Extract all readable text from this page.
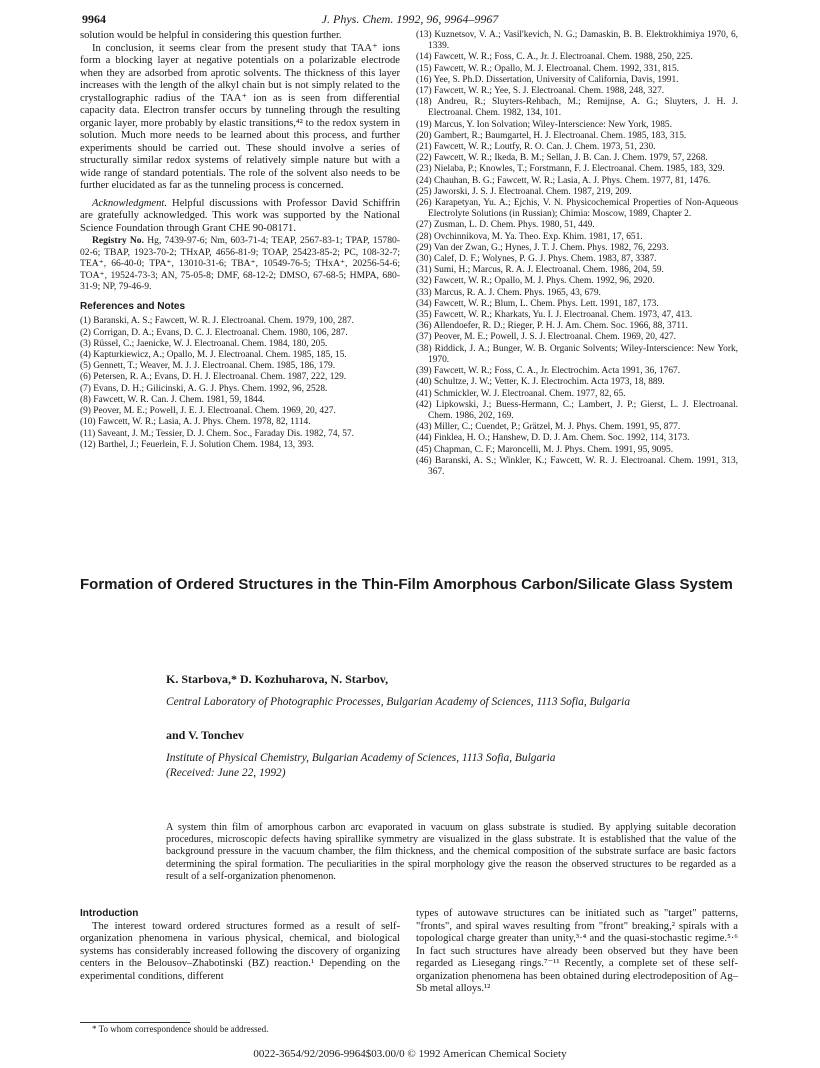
9964	J. Phys. Chem. 1992, 96, 9964–9967

solution would be helpful in considering this question further.

In conclusion, it seems clear from the present study that TAA⁺ ions form a blocking layer at negative potentials on a polarizable electrode when they are adsorbed from aprotic solvents. The thickness of this layer increases with the length of the alkyl chain but is not simply related to the crystallographic radius of the TAA⁺ ion as is seen from differential capacity data. Electron transfer occurs by tunneling through the resulting organic layer, more probably by elastic transitions,⁴² to the redox system in solution. Much more needs to be learned about this process, and further experiments should be carried out. These should involve a series of structurally similar redox systems of relatively simple nature but with a wide range of standard potentials. The role of the solvent also needs to be further elucidated as far as the tunneling process is concerned.

Acknowledgment. Helpful discussions with Professor David Schiffrin are gratefully acknowledged. This work was supported by the National Science Foundation through Grant CHE 90-08171.

Registry No. Hg, 7439-97-6; Nm, 603-71-4; TEAP, 2567-83-1; TPAP, 15780-02-6; TBAP, 1923-70-2; THxAP, 4656-81-9; TOAP, 25423-85-2; PC, 108-32-7; TEA⁺, 66-40-0; TPA⁺, 13010-31-6; TBA⁺, 10549-76-5; THxA⁺, 20256-54-6; TOA⁺, 19524-73-3; AN, 75-05-8; DMF, 68-12-2; DMSO, 67-68-5; HMPA, 680-31-9; NP, 79-46-9.

References and Notes
(1) Baranski, A. S.; Fawcett, W. R. J. Electroanal. Chem. 1979, 100, 287.
(2) Corrigan, D. A.; Evans, D. C. J. Electroanal. Chem. 1980, 106, 287.
(3) Rüssel, C.; Jaenicke, W. J. Electroanal. Chem. 1984, 180, 205.
(4) Kapturkiewicz, A.; Opallo, M. J. Electroanal. Chem. 1985, 185, 15.
(5) Gennett, T.; Weaver, M. J. J. Electroanal. Chem. 1985, 186, 179.
(6) Petersen, R. A.; Evans, D. H. J. Electroanal. Chem. 1987, 222, 129.
(7) Evans, D. H.; Gilicinski, A. G. J. Phys. Chem. 1992, 96, 2528.
(8) Fawcett, W. R. Can. J. Chem. 1981, 59, 1844.
(9) Peover, M. E.; Powell, J. E. J. Electroanal. Chem. 1969, 20, 427.
(10) Fawcett, W. R.; Lasia, A. J. Phys. Chem. 1978, 82, 1114.
(11) Saveant, J. M.; Tessier, D. J. Chem. Soc., Faraday Dis. 1982, 74, 57.
(12) Barthel, J.; Feuerlein, F. J. Solution Chem. 1984, 13, 393.
(13) Kuznetsov, V. A.; Vasil'kevich, N. G.; Damaskin, B. B. Elektrokhimiya 1970, 6, 1339.
(14) Fawcett, W. R.; Foss, C. A., Jr. J. Electroanal. Chem. 1988, 250, 225.
(15) Fawcett, W. R.; Opallo, M. J. Electroanal. Chem. 1992, 331, 815.
(16) Yee, S. Ph.D. Dissertation, University of California, Davis, 1991.
(17) Fawcett, W. R.; Yee, S. J. Electroanal. Chem. 1988, 248, 327.
(18) Andreu, R.; Sluyters-Rehbach, M.; Remijnse, A. G.; Sluyters, J. H. J. Electroanal. Chem. 1982, 134, 101.
(19) Marcus, Y. Ion Solvation; Wiley-Interscience: New York, 1985.
(20) Gambert, R.; Baumgartel, H. J. Electroanal. Chem. 1985, 183, 315.
(21) Fawcett, W. R.; Loutfy, R. O. Can. J. Chem. 1973, 51, 230.
(22) Fawcett, W. R.; Ikeda, B. M.; Sellan, J. B. Can. J. Chem. 1979, 57, 2268.
(23) Nielaba, P.; Knowles, T.; Forstmann, F. J. Electroanal. Chem. 1985, 183, 329.
(24) Chauhan, B. G.; Fawcett, W. R.; Lasia, A. J. Phys. Chem. 1977, 81, 1476.
(25) Jaworski, J. S. J. Electroanal. Chem. 1987, 219, 209.
(26) Karapetyan, Yu. A.; Ejchis, V. N. Physicochemical Properties of Non-Aqueous Electrolyte Solutions (in Russian); Chimia: Moscow, 1989, Chapter 2.
(27) Zusman, L. D. Chem. Phys. 1980, 51, 449.
(28) Ovchinnikova, M. Ya. Theo. Exp. Khim. 1981, 17, 651.
(29) Van der Zwan, G.; Hynes, J. T. J. Chem. Phys. 1982, 76, 2293.
(30) Calef, D. F.; Wolynes, P. G. J. Phys. Chem. 1983, 87, 3387.
(31) Sumi, H.; Marcus, R. A. J. Electroanal. Chem. 1986, 204, 59.
(32) Fawcett, W. R.; Opallo, M. J. Phys. Chem. 1992, 96, 2920.
(33) Marcus, R. A. J. Chem. Phys. 1965, 43, 679.
(34) Fawcett, W. R.; Blum, L. Chem. Phys. Lett. 1991, 187, 173.
(35) Fawcett, W. R.; Kharkats, Yu. I. J. Electroanal. Chem. 1973, 47, 413.
(36) Allendoefer, R. D.; Rieger, P. H. J. Am. Chem. Soc. 1966, 88, 3711.
(37) Peover, M. E.; Powell, J. S. J. Electroanal. Chem. 1969, 20, 427.
(38) Riddick, J. A.; Bunger, W. B. Organic Solvents; Wiley-Interscience: New York, 1970.
(39) Fawcett, W. R.; Foss, C. A., Jr. Electrochim. Acta 1991, 36, 1767.
(40) Schultze, J. W.; Vetter, K. J. Electrochim. Acta 1973, 18, 889.
(41) Schmickler, W. J. Electroanal. Chem. 1977, 82, 65.
(42) Lipkowski, J.; Buess-Hermann, C.; Lambert, J. P.; Gierst, L. J. Electroanal. Chem. 1986, 202, 169.
(43) Miller, C.; Cuendet, P.; Grätzel, M. J. Phys. Chem. 1991, 95, 877.
(44) Finklea, H. O.; Hanshew, D. D. J. Am. Chem. Soc. 1992, 114, 3173.
(45) Chapman, C. F.; Maroncelli, M. J. Phys. Chem. 1991, 95, 9095.
(46) Baranski, A. S.; Winkler, K.; Fawcett, W. R. J. Electroanal. Chem. 1991, 313, 367.
Formation of Ordered Structures in the Thin-Film Amorphous Carbon/Silicate Glass System
K. Starbova,* D. Kozhuharova, N. Starbov,
Central Laboratory of Photographic Processes, Bulgarian Academy of Sciences, 1113 Sofia, Bulgaria
and V. Tonchev
Institute of Physical Chemistry, Bulgarian Academy of Sciences, 1113 Sofia, Bulgaria
(Received: June 22, 1992)
A system thin film of amorphous carbon arc evaporated in vacuum on glass substrate is studied. By applying suitable decoration procedures, microscopic defects having spirallike symmetry are visualized in the glass substrate. It is established that the value of the background pressure in the vacuum chamber, the film thickness, and the chemical composition of the substrate surface are basic factors determining the spiral formation. The peculiarities in the spiral morphology give the reason the observed structures to be regarded as a result of a self-organization phenomenon.
Introduction

The interest toward ordered structures formed as a result of self-organization phenomena in various physical, chemical, and biological systems has considerably increased following the discovery of organizing centers in the Belousov–Zhabotinski (BZ) reaction.¹ Depending on the experimental conditions, different

types of autowave structures can be initiated such as "target" patterns, "fronts", and spiral waves resulting from "front" breaking,² spirals with a topological charge greater than unity,³·⁴ and the quasi-stochastic regime.⁵·⁶ In fact such structures have already been observed but they have been regarded as Liesegang rings.⁷⁻¹¹ Recently, a complete set of these self-organization phenomena has been obtained during electrodeposition of Ag–Sb metal alloys.¹²

* To whom correspondence should be addressed.
0022-3654/92/2096-9964$03.00/0 © 1992 American Chemical Society
